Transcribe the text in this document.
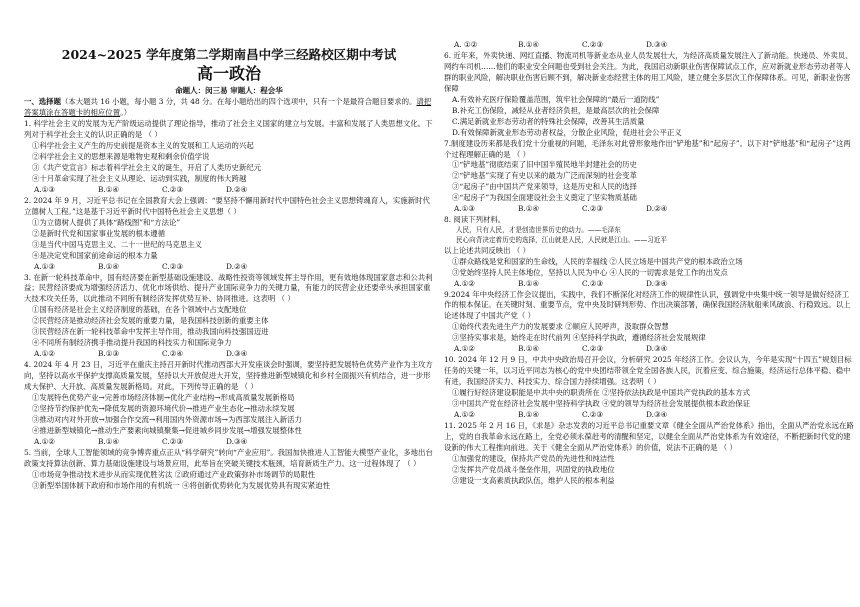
2024~2025 学年度第二学期南昌中学三经路校区期中考试
高一政治
命题人：闵三易 审题人：程会华
一、选择题（本大题共 16 小题，每小题 3 分，共 48 分。在每小题给出的四个选项中，只有一个是最符合题目要求的。请把答案填涂在答题卡的相应位置。）
1. 科学社会主义的发展为无产阶级运动提供了理论指导，推动了社会主义国家的建立与发展。丰富和发展了人类思想文化。下列对于科学社会主义的认识正确的是 （ ）
①科学社会主义产生的历史前提是资本主义的发展和工人运动的兴起
②科学社会主义的思想来源是唯物史观和剩余价值学说
③《共产党宣言》标志着科学社会主义的诞生，开启了人类历史新纪元
④十月革命实现了社会主义从理论、运动到实践，制度的伟大跨越
A.①③	B.①④	C.②③	D.②④
2. 2024 年 9 月，习近平总书记在全国教育大会上强调：“要坚持不懈用新时代中国特色社会主义思想铸魂育人，实施新时代立德树人工程。”这是基于习近平新时代中国特色社会主义思想（ ）
①为立德树人提供了具体“路线图”和“方法论”
②是新时代党和国家事业发展的根本遵循
③是当代中国马克思主义、二十一世纪的马克思主义
④是决定党和国家前途命运的根本力量
A.①③	B.①④	C.②③	D.②④
3. 在新一轮科技革命中，国有经济要在新型基础设施建设、战略性投资等领域发挥主导作用，更有效地体现国家意志和公共利益；民营经济要成为增强经济活力、优化市场供给、提升产业国际竞争力的关键力量，有能力的民营企业还要牵头承担国家重大技术攻关任务，以此推动不同所有制经济发挥优势互补、协同推进。这表明 （ ）
①国有经济是社会主义经济制度的基础，在各个领域中占支配地位
②民营经济是推动经济社会发展的重要力量，是我国科技创新的重要主体
③民营经济在新一轮科技革命中发挥主导作用，推动我国向科技强国迈进
④不同所有制经济携手推动提升我国的科技实力和国际竞争力
A.①②	B.①③	C.②④	D.③④
4. 2024 年 4 月 23 日，习近平在重庆主持召开新时代推动西部大开发座谈会时强调，要坚持把发展特色优势产业作为主攻方向，坚持以高水平保护支撑高质量发展，坚持以大开放促进大开发，坚持推进新型城镇化和乡村全面振兴有机结合，进一步形成大保护、大开放、高质量发展新格局。对此，下列传导正确的是 （ ）
①发展特色优势产业→完善市场经济体制→优化产业结构→形成高质量发展新格局
②坚持节约保护优先→降低发展的资源环境代价→推进产业生态化→推动永续发展
③推动对内对外开放→加强合作交流→利用国内外资源市场→为西部发展注入新活力
④推进新型城镇化→推动生产要素向城镇聚集→促进城乡同步发展→增强发展整体性
A.①②	B.①④	C.②③	D.③④
5. 当前，全球人工智能领域的竞争博弈重点正从“科学研究”转向“产业应用”。我国加快推进人工智能大模型产业化，多地出台政策支持算法创新、算力基础设施建设与场景应用，此举旨在突破关键技术瓶颈，培育新质生产力。这一过程体现了 （ ）
①市场竞争推动技术进步从而实现优胜劣汰 ②政府通过产业政策弥补市场调节的局限性
③新型举国体制下政府和市场作用的有机统一 ④将创新优势转化为发展优势具有现实紧迫性
A. ①②	B.①④	C.②③	D.③④
6. 近年来，外卖快递、网红直播、物流司机等新业态从业人员发展壮大，为经济高质量发展注入了新动能。快递员、外卖员、网约车司机……他们的职业安全问题也受到社会关注。为此，我国启动新职业伤害保障试点工作，应对新就业形态劳动者等人群的职业风险，解决职业伤害后顾不到，解决新业态经营主体的用工风险，建立健全多层次工作保障体系。可见，新职业伤害保障
A.有效补充医疗保险覆盖范围，筑牢社会保障的“最后一道防线”
B.补充工伤保险，减轻从业者经济负担，是最高层次的社会保障
C.满足新就业形态劳动者的特殊社会保障，改善其生活质量
D.有效保障新就业形态劳动者权益，分散企业风险，促进社会公平正义
7.制度建设历来都是我们党十分重视的问题，毛泽东对此曾形象地作出“铲地基”和“起房子”。以下对“铲地基”和“起房子”这两个过程理解正确的是 （ ）
①“铲地基”彻底结束了旧中国半殖民地半封建社会的历史
②“铲地基”实现了有史以来的最为广泛而深刻的社会变革
③“起房子”由中国共产党来领导，这是历史和人民的选择
④“起房子”为我国全面建设社会主义奠定了坚实物质基础
A.①③	B.①④	C.②③	D.②④
8. 阅读下列材料。
人民，只有人民，才是创造世界历史的动力。——毛泽东
民心向背决定着历史的选择，江山就是人民，人民就是江山。——习近平
以上论述共同反映出 （ ）
①群众路线是党和国家的生命线，人民的幸福线 ②人民立场是中国共产党的根本政治立场
③党始终坚持人民主体地位，坚持以人民为中心 ④人民的一切需求是党工作的出发点
A.①②	B.①④	C.②③	D.③④
9.2024 年中央经济工作会议提出，实践中，我们不断深化对经济工作的规律性认识，强调党中央集中统一领导是做好经济工作的根本保证。在关键时刻、重要节点，党中央及时研判形势、作出决策部署，确保我国经济航船乘风破浪、行稳致远。以上论述体现了中国共产党（ ）
①始终代表先进生产力的发展要求 ②顺应人民呼声，汲取群众智慧
③坚持实事求是，始终走在时代前列 ④坚持科学执政，遵循经济社会发展规律
A.①②	B.①④	C.②③	D.③④
10. 2024 年 12 月 9 日，中共中央政治局召开会议，分析研究 2025 年经济工作。会议认为，今年是实现“十四五”规划目标任务的关键一年，以习近平同志为核心的党中央团结带领全党全国各族人民，沉着应变、综合施策，经济运行总体平稳、稳中有进，我国经济实力、科技实力、综合国力持续增强。这表明（ ）
①履行好经济建设职能是中共中央的职责所在 ②坚持依法执政是中国共产党执政的基本方式
③中国共产党在经济社会发展中坚持科学执政 ④党的领导为经济社会发展提供根本政治保证
A.①②	B.①④	C.②③	D.③④
11. 2025 年 2 月 16 日，《求是》杂志发表的习近平总书记重要文章《健全全面从严治党体系》指出，全面从严治党永远在路上，党的自我革命永远在路上，全党必须永葆赶考的清醒和坚定，以健全全面从严治党体系为有效途径，不断把新时代党的建设新的伟大工程推向前进。关于《健全全面从严治党体系》的价值，说法不正确的是 （ ）
①加强党的建设，保持共产党员的先进性和纯洁性
②发挥共产党员战斗堡垒作用，巩固党的执政地位
③建设一支高素质执政队伍，维护人民的根本利益
